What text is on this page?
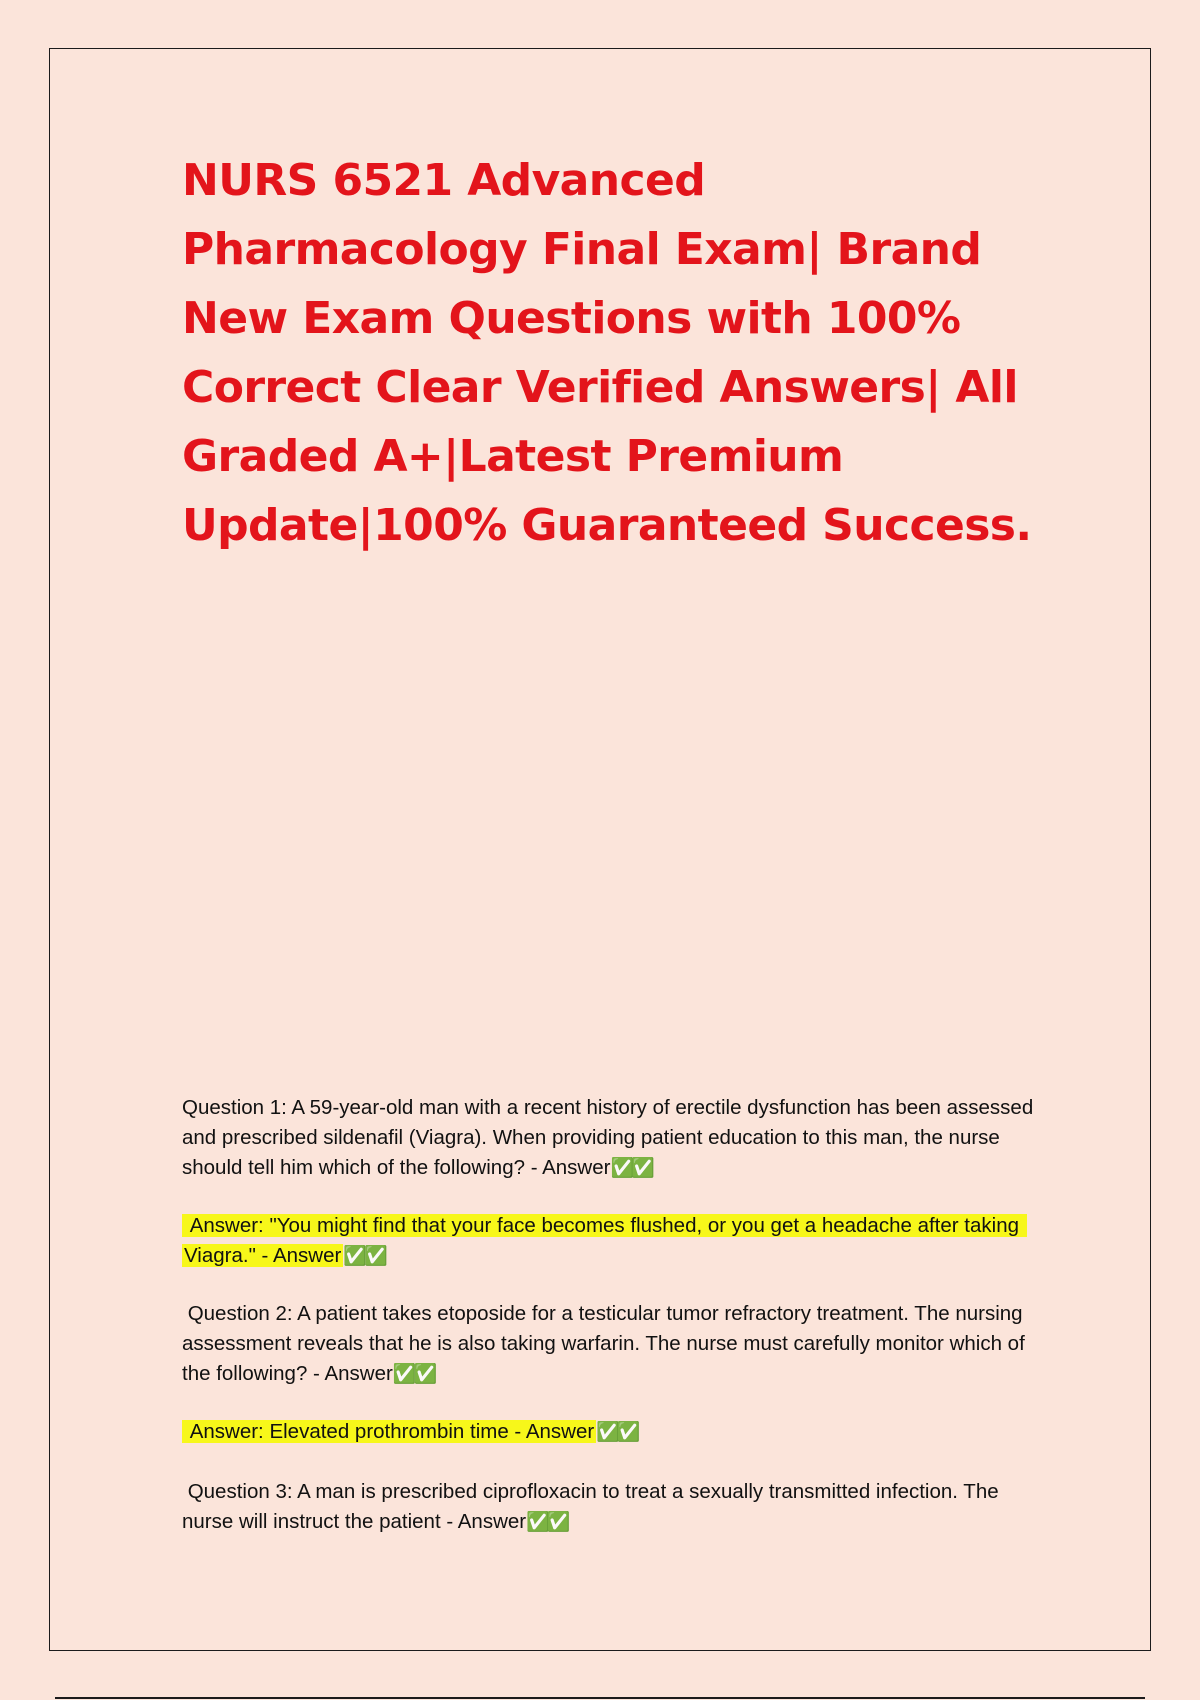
NURS 6521 Advanced Pharmacology Final Exam| Brand New Exam Questions with 100% Correct Clear Verified Answers| All Graded A+|Latest Premium Update|100% Guaranteed Success.
Question 1: A 59-year-old man with a recent history of erectile dysfunction has been assessed and prescribed sildenafil (Viagra). When providing patient education to this man, the nurse should tell him which of the following? - Answer✅✅
Answer: "You might find that your face becomes flushed, or you get a headache after taking Viagra." - Answer ✅✅
Question 2: A patient takes etoposide for a testicular tumor refractory treatment. The nursing assessment reveals that he is also taking warfarin. The nurse must carefully monitor which of the following? - Answer✅✅
Answer: Elevated prothrombin time - Answer ✅✅
Question 3: A man is prescribed ciprofloxacin to treat a sexually transmitted infection. The nurse will instruct the patient - Answer✅✅
